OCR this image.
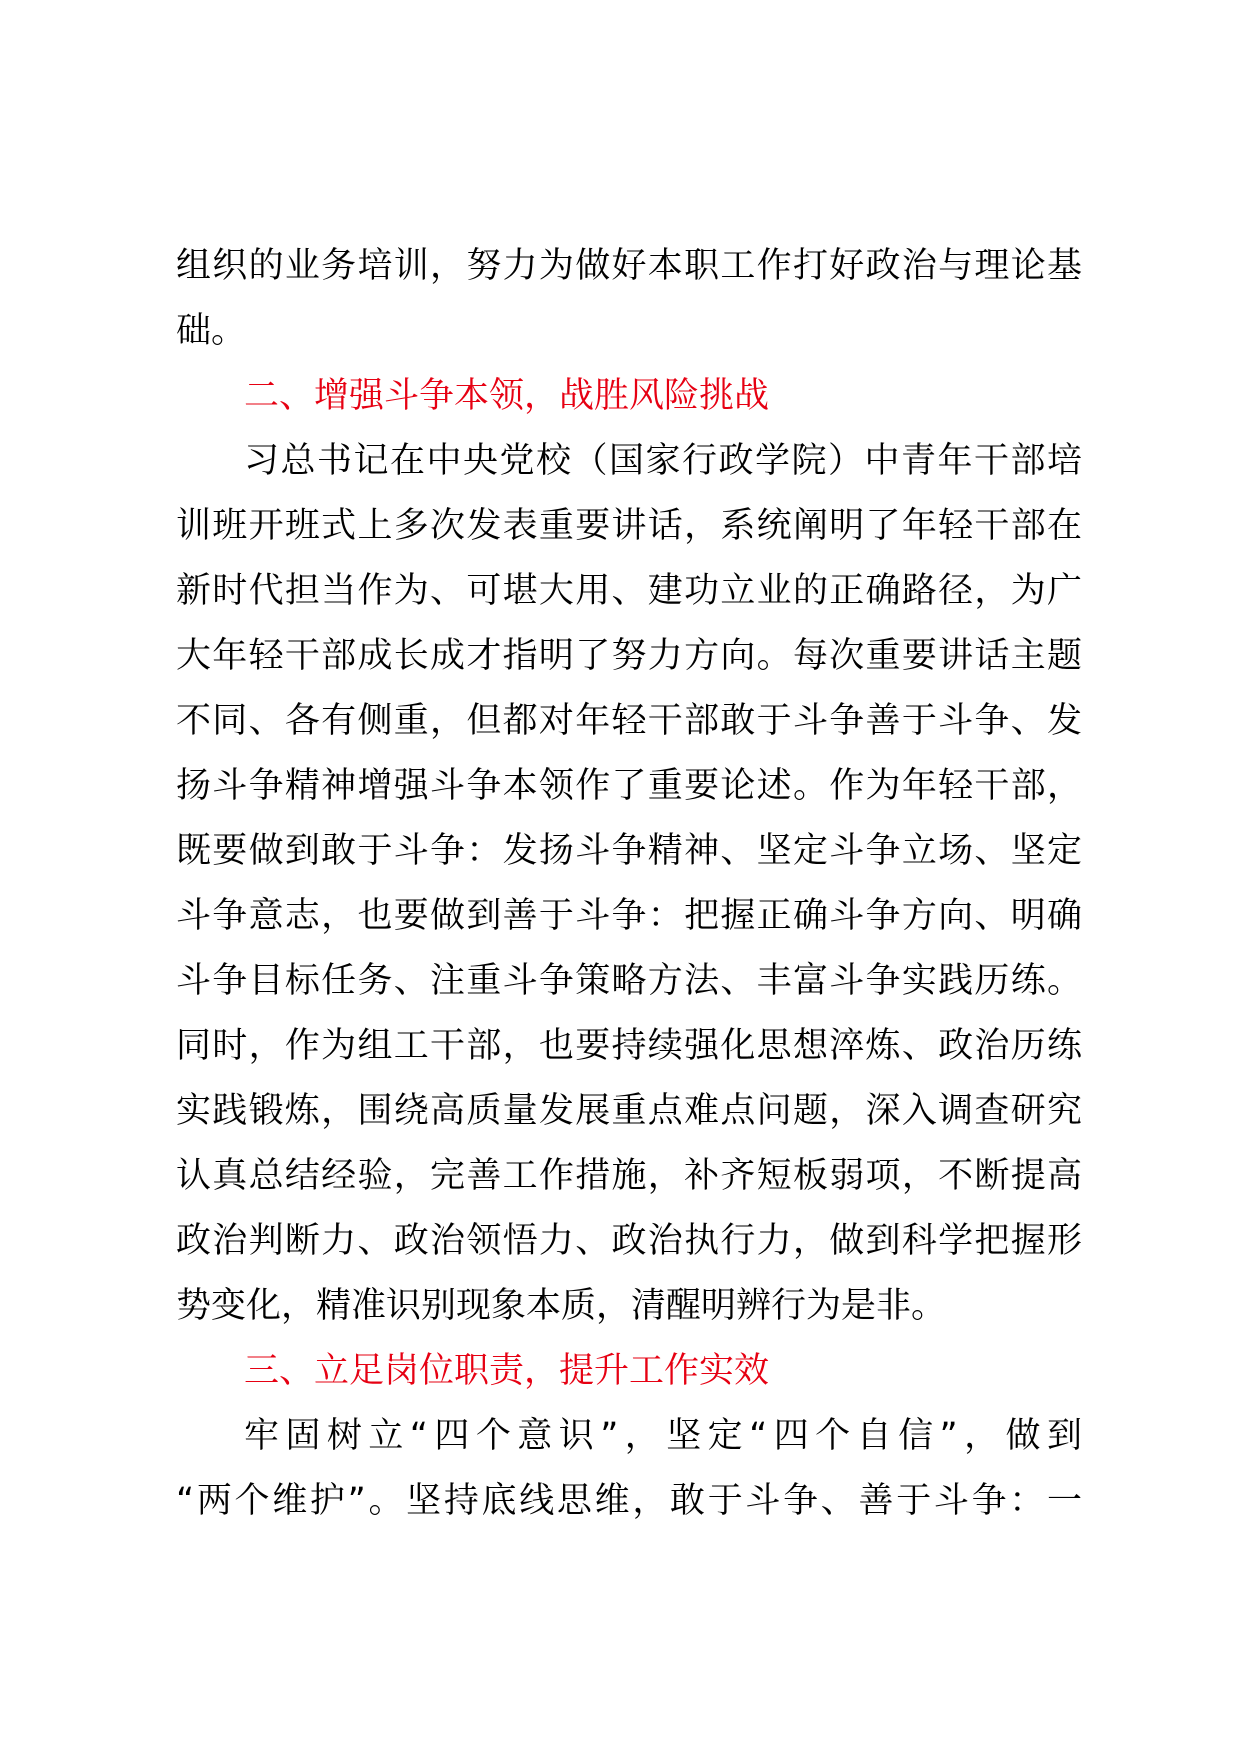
组织的业务培训，努力为做好本职工作打好政治与理论基
础。
二、增强斗争本领，战胜风险挑战
习总书记在中央党校（国家行政学院）中青年干部培
训班开班式上多次发表重要讲话，系统阐明了年轻干部在
新时代担当作为、可堪大用、建功立业的正确路径，为广
大年轻干部成长成才指明了努力方向。每次重要讲话主题
不同、各有侧重，但都对年轻干部敢于斗争善于斗争、发
扬斗争精神增强斗争本领作了重要论述。作为年轻干部，
既要做到敢于斗争：发扬斗争精神、坚定斗争立场、坚定
斗争意志，也要做到善于斗争：把握正确斗争方向、明确
斗争目标任务、注重斗争策略方法、丰富斗争实践历练。
同时，作为组工干部，也要持续强化思想淬炼、政治历练
实践锻炼，围绕高质量发展重点难点问题，深入调查研究
认真总结经验，完善工作措施，补齐短板弱项，不断提高
政治判断力、政治领悟力、政治执行力，做到科学把握形
势变化，精准识别现象本质，清醒明辨行为是非。
三、立足岗位职责，提升工作实效
牢固树立“四个意识”，坚定“四个自信”，做到
“两个维护”。坚持底线思维，敢于斗争、善于斗争：一
